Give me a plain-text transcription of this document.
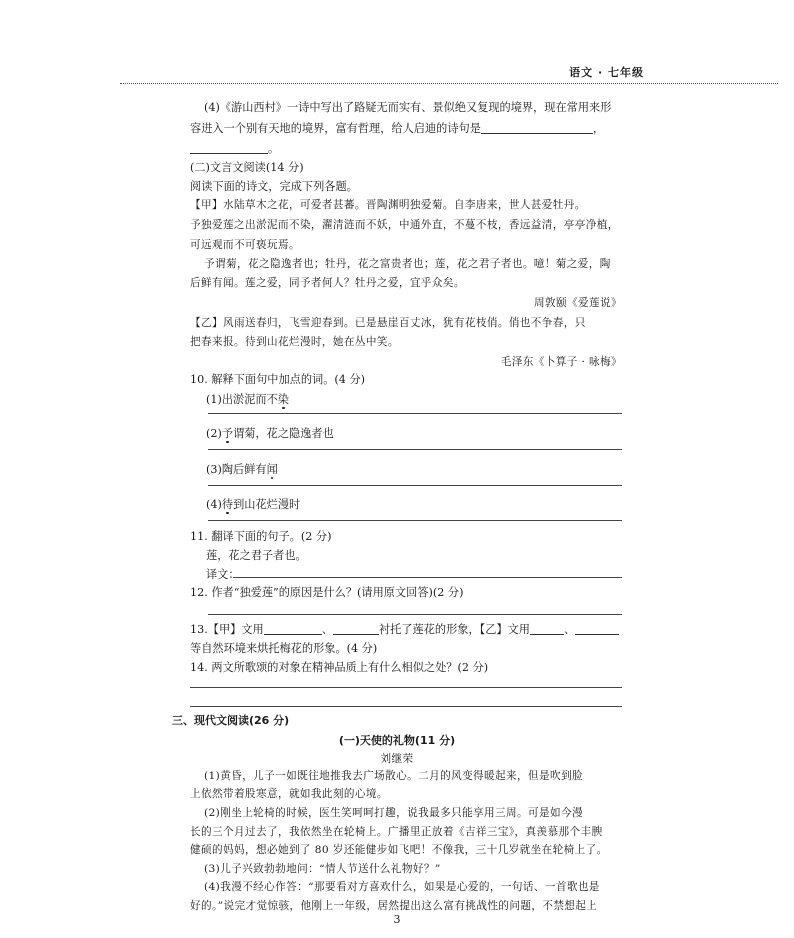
语文 · 七年级
(4)《游山西村》一诗中写出了路疑无而实有、景似绝又复现的境界，现在常用来形
容进入一个别有天地的境界，富有哲理，给人启迪的诗句是	，
。
(二)文言文阅读(14 分)
阅读下面的诗文，完成下列各题。
【甲】水陆草木之花，可爱者甚蕃。晋陶渊明独爱菊。自李唐来，世人甚爱牡丹。
予独爱莲之出淤泥而不染，濯清涟而不妖，中通外直，不蔓不枝，香远益清，亭亭净植，
可远观而不可亵玩焉。
予谓菊，花之隐逸者也；牡丹，花之富贵者也；莲，花之君子者也。噫！菊之爱，陶
后鲜有闻。莲之爱，同予者何人？牡丹之爱，宜乎众矣。
周敦颐《爱莲说》
【乙】风雨送春归，飞雪迎春到。已是悬崖百丈冰，犹有花枝俏。俏也不争春，只
把春来报。待到山花烂漫时，她在丛中笑。
毛泽东《卜算子 · 咏梅》
10. 解释下面句中加点的词。(4 分)
(1)出淤泥而不染
(2)予谓菊，花之隐逸者也
(3)陶后鲜有闻
(4)待到山花烂漫时
11. 翻译下面的句子。(2 分)
莲，花之君子者也。
译文：
12. 作者“独爱莲”的原因是什么？(请用原文回答)(2 分)
13.【甲】文用	、	衬托了莲花的形象，【乙】文用	、
等自然环境来烘托梅花的形象。(4 分)
14. 两文所歌颂的对象在精神品质上有什么相似之处？(2 分)
三、现代文阅读(26 分)
(一)天使的礼物(11 分)
刘继荣
(1)黄昏，儿子一如既往地推我去广场散心。二月的风变得暖起来，但是吹到脸
上依然带着股寒意，就如我此刻的心境。
(2)刚坐上轮椅的时候，医生笑呵呵打趣，说我最多只能享用三周。可是如今漫
长的三个月过去了，我依然坐在轮椅上。广播里正放着《吉祥三宝》，真羡慕那个丰腴
健硕的妈妈，想必她到了 80 岁还能健步如飞吧！不像我，三十几岁就坐在轮椅上了。
(3)儿子兴致勃勃地问：“情人节送什么礼物好？”
(4)我漫不经心作答：“那要看对方喜欢什么，如果是心爱的，一句话、一首歌也是
好的。”说完才觉惊骇，他刚上一年级，居然提出这么富有挑战性的问题，不禁想起上
3
